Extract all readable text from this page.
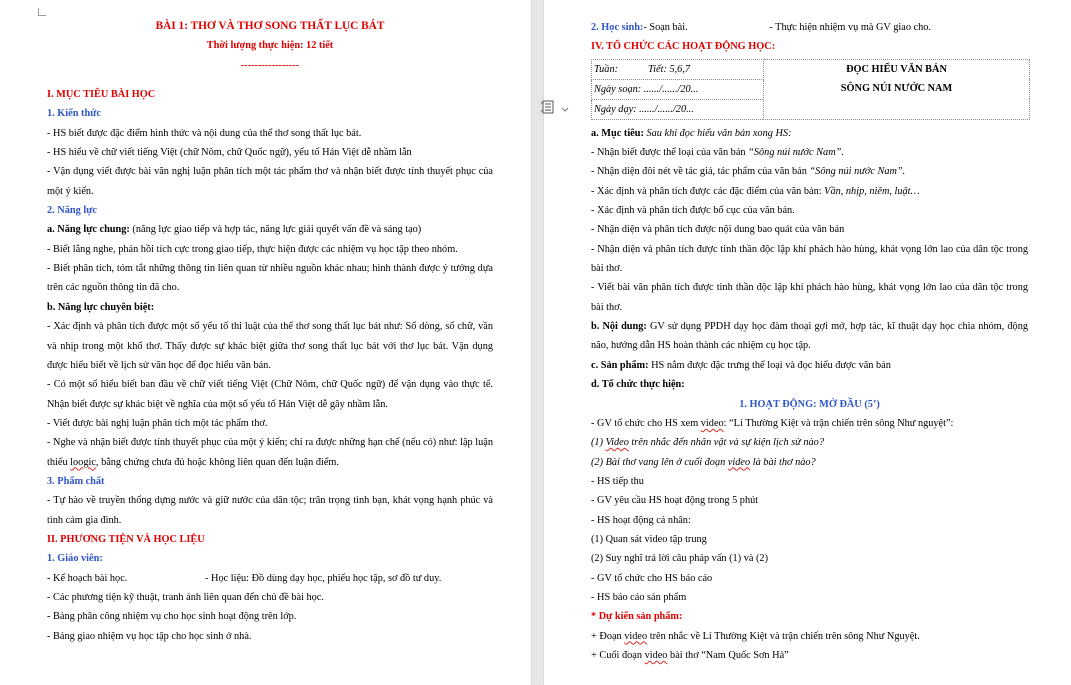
BÀI 1: THƠ VÀ THƠ SONG THẤT LỤC BÁT

Thời lượng thực hiện: 12 tiết

-----------------

I. MỤC TIÊU BÀI HỌC

1. Kiến thức

- HS biết được đặc điểm hình thức và nội dung của thể thơ song thất lục bát.

- HS hiểu về chữ viết tiếng Việt (chữ Nôm, chữ Quốc ngữ), yếu tố Hán Việt dễ nhầm lẫn

- Vận dụng viết được bài văn nghị luận phân tích một tác phẩm thơ và nhận biết được tính thuyết phục của một ý kiến.

2. Năng lực

a. Năng lực chung: (năng lực giao tiếp và hợp tác, năng lực giải quyết vấn đề và sáng tạo)

- Biết lắng nghe, phản hồi tích cực trong giao tiếp, thực hiện được các nhiệm vụ học tập theo nhóm.

- Biết phân tích, tóm tắt những thông tin liên quan từ nhiều nguồn khác nhau; hình thành được ý tưởng dựa trên các nguồn thông tin đã cho.

b. Năng lực chuyên biệt:

- Xác định và phân tích được một số yếu tố thi luật của thể thơ song thất lục bát như: Số dòng, số chữ, vần và nhịp trong một khổ thơ. Thấy được sự khác biệt giữa thơ song thất lục bát với thơ lục bát. Vận dụng được hiểu biết về lịch sử văn học để đọc hiểu văn bản.

- Có một số hiểu biết ban đầu về chữ viết tiếng Việt (Chữ Nôm, chữ Quốc ngữ) để vận dụng vào thực tế. Nhận biết được sự khác biệt về nghĩa của một số yếu tố Hán Việt dễ gây nhầm lẫn.

- Viết được bài nghị luận phân tích một tác phẩm thơ.

- Nghe và nhận biết được tính thuyết phục của một ý kiến; chỉ ra được những hạn chế (nếu có) như: lập luận thiếu loogic, bằng chứng chưa đủ hoặc không liên quan đến luận điểm.

3. Phẩm chất

- Tự hào về truyền thống dựng nước và giữ nước của dân tộc; trân trọng tình bạn, khát vọng hạnh phúc và tình cảm gia đình.

II. PHƯƠNG TIỆN VÀ HỌC LIỆU

1. Giáo viên:

- Kế hoạch bài học.	- Học liệu: Đồ dùng dạy học, phiếu học tập, sơ đồ tư duy.

- Các phương tiện kỹ thuật, tranh ảnh liên quan đến chủ đề bài học.

- Bảng phân công nhiệm vụ cho học sinh hoạt động trên lớp.

- Bảng giao nhiệm vụ học tập cho học sinh ở nhà.

2. Học sinh:- Soạn bài.	- Thực hiện nhiệm vụ mà GV giao cho.

IV. TỔ CHỨC CÁC HOẠT ĐỘNG HỌC:

Tuần:	Tiết: 5,6,7	ĐỌC HIỂU VĂN BẢN
SÔNG NÚI NƯỚC NAM

Ngày soạn: ....../....../20...
Ngày dạy: ....../....../20...

a. Mục tiêu: Sau khi đọc hiểu văn bản xong HS:

- Nhận biết được thể loại của văn bản “Sông núi nước Nam”.

- Nhận diện đôi nét về tác giả, tác phẩm của văn bản “Sông núi nước Nam”.

- Xác định và phân tích được các đặc điểm của văn bản: Vần, nhịp, niêm, luật…

- Xác định và phân tích được bố cục của văn bản.

- Nhận diện và phân tích được nội dung bao quát của văn bản

- Nhận diện và phân tích được tinh thần độc lập khí phách hào hùng, khát vọng lớn lao của dân tộc trong bài thơ.

- Viết bài văn phân tích được tinh thần độc lập khí phách hào hùng, khát vọng lớn lao của dân tộc trong bài thơ.

b. Nội dung: GV sử dụng PPDH dạy học đàm thoại gợi mở, hợp tác, kĩ thuật dạy học chia nhóm, động não, hướng dẫn HS hoàn thành các nhiệm cụ học tập.

c. Sản phẩm: HS nắm được đặc trưng thể loại và đọc hiểu được văn bản

d. Tổ chức thực hiện:

1. HOẠT ĐỘNG: MỞ ĐẦU (5’)

- GV tổ chức cho HS xem video: “Lí Thường Kiệt và trận chiến trên sông Như nguyệt”:

(1) Video trên nhắc đến nhân vật và sự kiện lịch sử nào?

(2) Bài thơ vang lên ở cuối đoạn video là bài thơ nào?

- HS tiếp thu

- GV yêu cầu HS hoạt động trong 5 phút

- HS hoạt động cá nhân:

(1) Quan sát video tập trung

(2) Suy nghĩ trả lời câu pháp vấn (1) và (2)

- GV tổ chức cho HS báo cáo

- HS báo cáo sản phẩm

* Dự kiến sản phẩm:

+ Đoạn video trên nhắc về Lí Thường Kiệt và trận chiến trên sông Như Nguyệt.

+ Cuối đoạn video bài thơ “Nam Quốc Sơn Hà”
